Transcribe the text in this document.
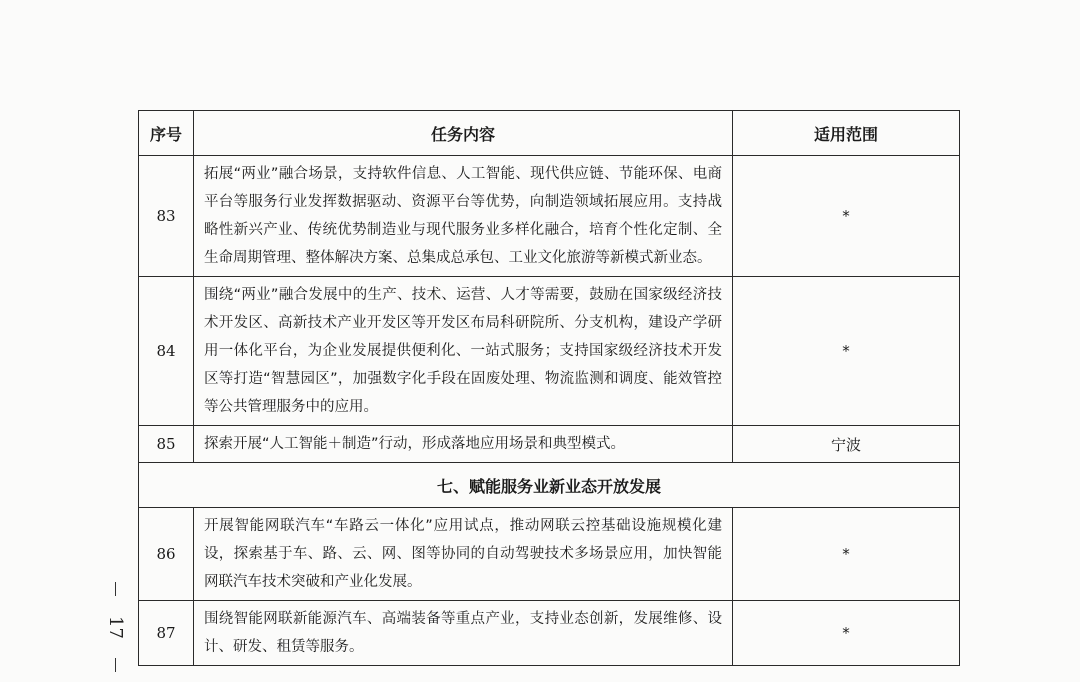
17
序号	任务内容	适用范围
83	拓展“两业”融合场景，支持软件信息、人工智能、现代供应链、节能环保、电商平台等服务行业发挥数据驱动、资源平台等优势，向制造领域拓展应用。支持战略性新兴产业、传统优势制造业与现代服务业多样化融合，培育个性化定制、全生命周期管理、整体解决方案、总集成总承包、工业文化旅游等新模式新业态。	*
84	围绕“两业”融合发展中的生产、技术、运营、人才等需要，鼓励在国家级经济技术开发区、高新技术产业开发区等开发区布局科研院所、分支机构，建设产学研用一体化平台，为企业发展提供便利化、一站式服务；支持国家级经济技术开发区等打造“智慧园区”，加强数字化手段在固废处理、物流监测和调度、能效管控等公共管理服务中的应用。	*
85	探索开展“人工智能＋制造”行动，形成落地应用场景和典型模式。	宁波
七、赋能服务业新业态开放发展		
86	开展智能网联汽车“车路云一体化”应用试点，推动网联云控基础设施规模化建设，探索基于车、路、云、网、图等协同的自动驾驶技术多场景应用，加快智能网联汽车技术突破和产业化发展。	*
87	围绕智能网联新能源汽车、高端装备等重点产业，支持业态创新，发展维修、设计、研发、租赁等服务。	*
